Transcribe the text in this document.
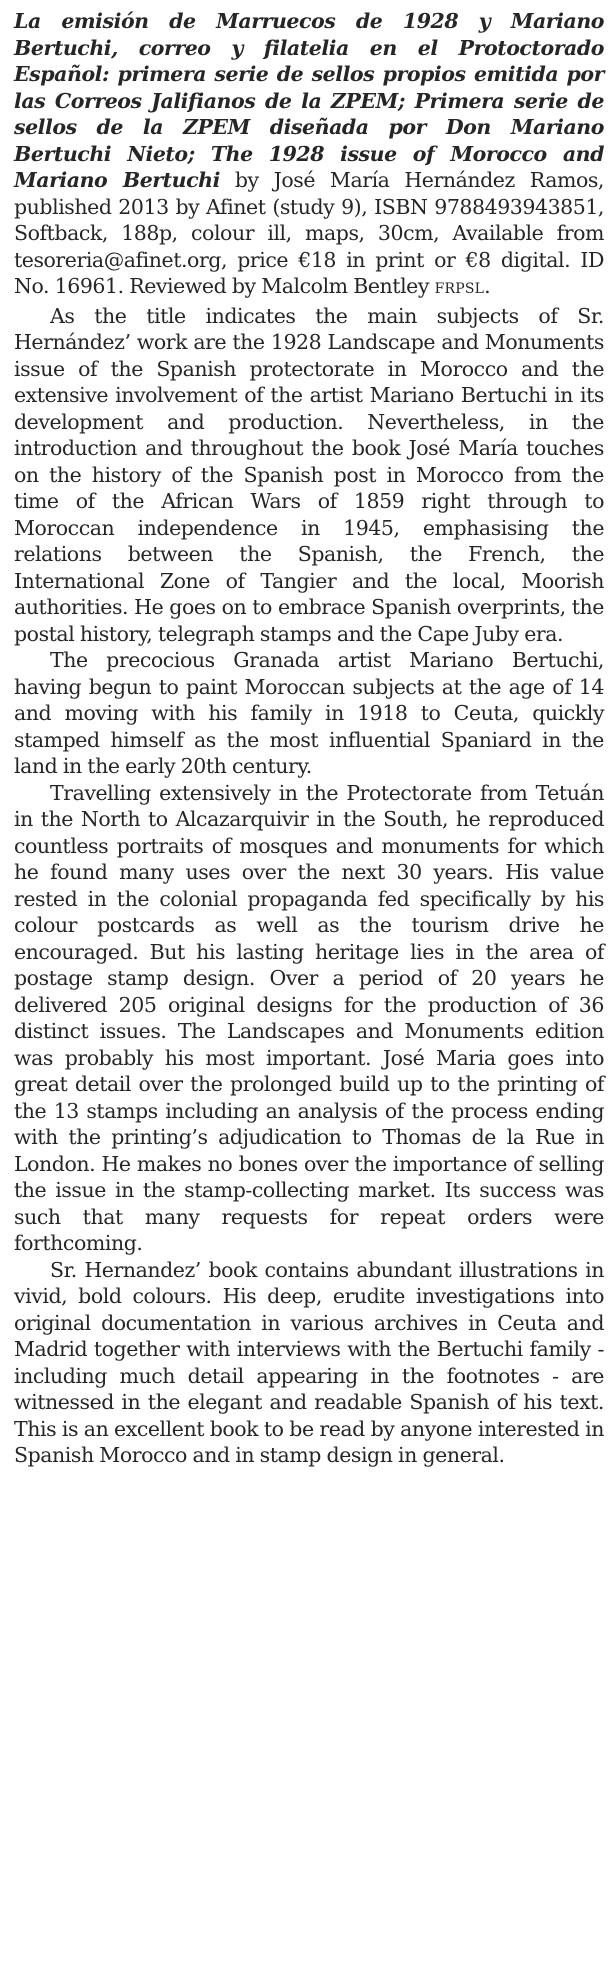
La emisión de Marruecos de 1928 y Mariano Bertuchi, correo y filatelia en el Protoctorado Español: primera serie de sellos propios emitida por las Correos Jalifianos de la ZPEM; Primera serie de sellos de la ZPEM diseñada por Don Mariano Bertuchi Nieto; The 1928 issue of Morocco and Mariano Bertuchi by José María Hernández Ramos, published 2013 by Afinet (study 9), ISBN 9788493943851, Softback, 188p, colour ill, maps, 30cm, Available from tesoreria@afinet.org, price €18 in print or €8 digital. ID No. 16961. Reviewed by Malcolm Bentley FRPSL.

As the title indicates the main subjects of Sr. Hernández’ work are the 1928 Landscape and Monuments issue of the Spanish protectorate in Morocco and the extensive involvement of the artist Mariano Bertuchi in its development and production. Nevertheless, in the introduction and throughout the book José María touches on the history of the Spanish post in Morocco from the time of the African Wars of 1859 right through to Moroccan independence in 1945, emphasising the relations between the Spanish, the French, the International Zone of Tangier and the local, Moorish authorities. He goes on to embrace Spanish overprints, the postal history, telegraph stamps and the Cape Juby era.

The precocious Granada artist Mariano Bertuchi, having begun to paint Moroccan subjects at the age of 14 and moving with his family in 1918 to Ceuta, quickly stamped himself as the most influential Spaniard in the land in the early 20th century.

Travelling extensively in the Protectorate from Tetuán in the North to Alcazarquivir in the South, he reproduced countless portraits of mosques and monuments for which he found many uses over the next 30 years. His value rested in the colonial propaganda fed specifically by his colour postcards as well as the tourism drive he encouraged. But his lasting heritage lies in the area of postage stamp design. Over a period of 20 years he delivered 205 original designs for the production of 36 distinct issues. The Landscapes and Monuments edition was probably his most important. José Maria goes into great detail over the prolonged build up to the printing of the 13 stamps including an analysis of the process ending with the printing’s adjudication to Thomas de la Rue in London. He makes no bones over the importance of selling the issue in the stamp-collecting market. Its success was such that many requests for repeat orders were forthcoming.

Sr. Hernandez’ book contains abundant illustrations in vivid, bold colours. His deep, erudite investigations into original documentation in various archives in Ceuta and Madrid together with interviews with the Bertuchi family - including much detail appearing in the footnotes - are witnessed in the elegant and readable Spanish of his text. This is an excellent book to be read by anyone interested in Spanish Morocco and in stamp design in general.
